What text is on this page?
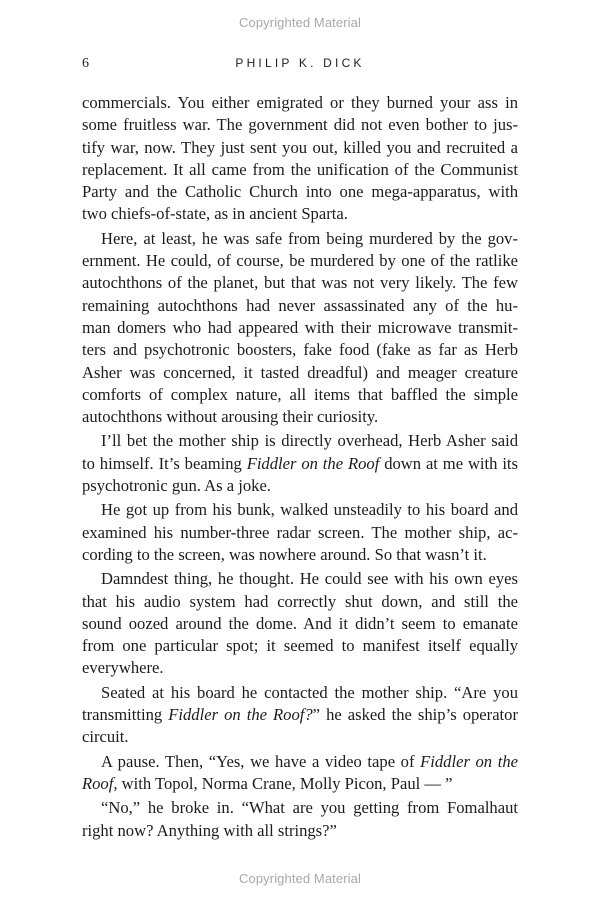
Copyrighted Material
6	PHILIP K. DICK
commercials. You either emigrated or they burned your ass in
some fruitless war. The government did not even bother to jus-
tify war, now. They just sent you out, killed you and recruited a
replacement. It all came from the unification of the Communist
Party and the Catholic Church into one mega-apparatus, with
two chiefs-of-state, as in ancient Sparta.
Here, at least, he was safe from being murdered by the gov-
ernment. He could, of course, be murdered by one of the ratlike
autochthons of the planet, but that was not very likely. The few
remaining autochthons had never assassinated any of the hu-
man domers who had appeared with their microwave transmit-
ters and psychotronic boosters, fake food (fake as far as Herb
Asher was concerned, it tasted dreadful) and meager creature
comforts of complex nature, all items that baffled the simple
autochthons without arousing their curiosity.
I’ll bet the mother ship is directly overhead, Herb Asher said
to himself. It’s beaming Fiddler on the Roof down at me with its
psychotronic gun. As a joke.
He got up from his bunk, walked unsteadily to his board and
examined his number-three radar screen. The mother ship, ac-
cording to the screen, was nowhere around. So that wasn’t it.
Damndest thing, he thought. He could see with his own eyes
that his audio system had correctly shut down, and still the
sound oozed around the dome. And it didn’t seem to emanate
from one particular spot; it seemed to manifest itself equally
everywhere.
Seated at his board he contacted the mother ship. “Are you
transmitting Fiddler on the Roof?” he asked the ship’s operator
circuit.
A pause. Then, “Yes, we have a video tape of Fiddler on the
Roof, with Topol, Norma Crane, Molly Picon, Paul — ”
“No,” he broke in. “What are you getting from Fomalhaut
right now? Anything with all strings?”
Copyrighted Material
